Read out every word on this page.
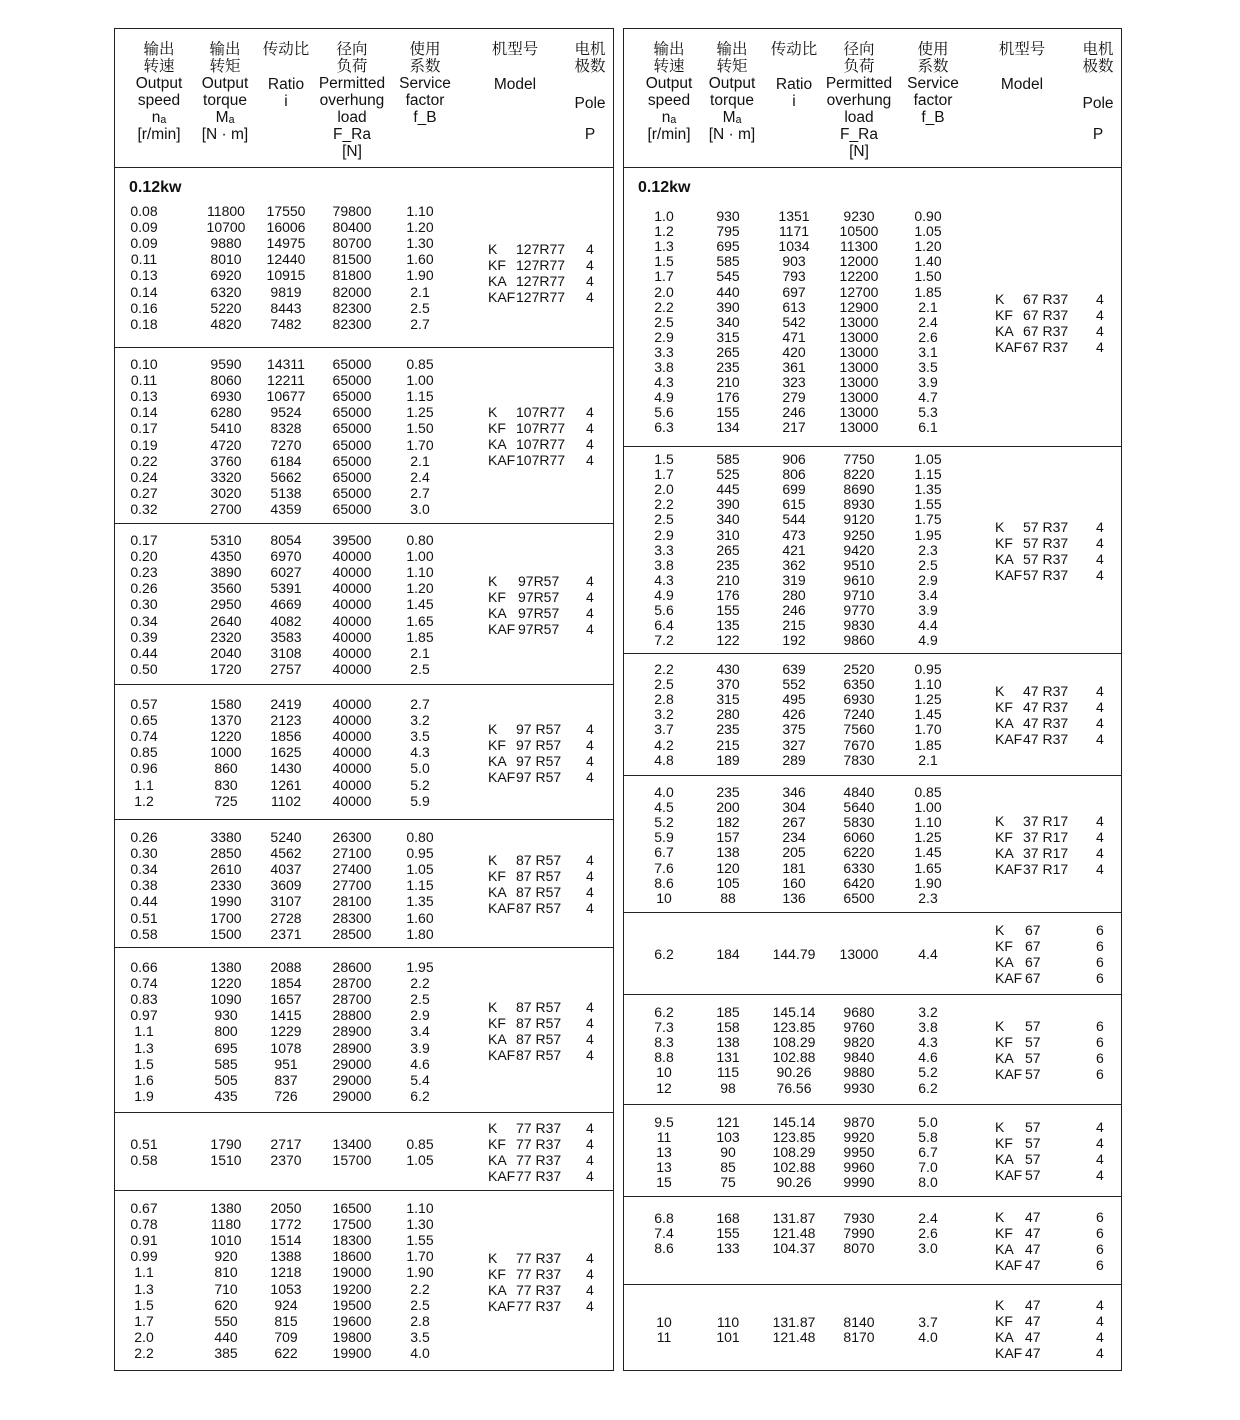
输出
转速
Output
speed
nₐ
[r/min]
输出
转矩
Output
torque
Mₐ
[N · m]
传动比
Ratio
i
径向
负荷
Permitted
overhung
load
F_Ra
[N]
使用
系数
Service
factor
f_B
机型号
Model
电机
极数
Pole
P
0.12kw
0.08	11800	17550	79800	1.10
0.09	10700	16006	80400	1.20
0.09	9880	14975	80700	1.30
0.11	8010	12440	81500	1.60
0.13	6920	10915	81800	1.90
0.14	6320	9819	82000	2.1
0.16	5220	8443	82300	2.5
0.18	4820	7482	82300	2.7
K 127R77 4
KF 127R77 4
KA 127R77 4
KAF 127R77 4
0.10	9590	14311	65000	0.85
0.11	8060	12211	65000	1.00
0.13	6930	10677	65000	1.15
0.14	6280	9524	65000	1.25
0.17	5410	8328	65000	1.50
0.19	4720	7270	65000	1.70
0.22	3760	6184	65000	2.1
0.24	3320	5662	65000	2.4
0.27	3020	5138	65000	2.7
0.32	2700	4359	65000	3.0
K 107R77 4
KF 107R77 4
KA 107R77 4
KAF 107R77 4
0.17	5310	8054	39500	0.80
0.20	4350	6970	40000	1.00
0.23	3890	6027	40000	1.10
0.26	3560	5391	40000	1.20
0.30	2950	4669	40000	1.45
0.34	2640	4082	40000	1.65
0.39	2320	3583	40000	1.85
0.44	2040	3108	40000	2.1
0.50	1720	2757	40000	2.5
K 97R57 4
KF 97R57 4
KA 97R57 4
KAF 97R57 4
0.57	1580	2419	40000	2.7
0.65	1370	2123	40000	3.2
0.74	1220	1856	40000	3.5
0.85	1000	1625	40000	4.3
0.96	860	1430	40000	5.0
1.1	830	1261	40000	5.2
1.2	725	1102	40000	5.9
K 97 R57 4
KF 97 R57 4
KA 97 R57 4
KAF 97 R57 4
0.26	3380	5240	26300	0.80
0.30	2850	4562	27100	0.95
0.34	2610	4037	27400	1.05
0.38	2330	3609	27700	1.15
0.44	1990	3107	28100	1.35
0.51	1700	2728	28300	1.60
0.58	1500	2371	28500	1.80
K 87 R57 4
KF 87 R57 4
KA 87 R57 4
KAF 87 R57 4
0.66	1380	2088	28600	1.95
0.74	1220	1854	28700	2.2
0.83	1090	1657	28700	2.5
0.97	930	1415	28800	2.9
1.1	800	1229	28900	3.4
1.3	695	1078	28900	3.9
1.5	585	951	29000	4.6
1.6	505	837	29000	5.4
1.9	435	726	29000	6.2
K 87 R57 4
KF 87 R57 4
KA 87 R57 4
KAF 87 R57 4
0.51	1790	2717	13400	0.85
0.58	1510	2370	15700	1.05
K 77 R37 4
KF 77 R37 4
KA 77 R37 4
KAF 77 R37 4
0.67	1380	2050	16500	1.10
0.78	1180	1772	17500	1.30
0.91	1010	1514	18300	1.55
0.99	920	1388	18600	1.70
1.1	810	1218	19000	1.90
1.3	710	1053	19200	2.2
1.5	620	924	19500	2.5
1.7	550	815	19600	2.8
2.0	440	709	19800	3.5
2.2	385	622	19900	4.0
K 77 R37 4
KF 77 R37 4
KA 77 R37 4
KAF 77 R37 4
输出
转速
Output
speed
nₐ
[r/min]
输出
转矩
Output
torque
Mₐ
[N · m]
传动比
Ratio
i
径向
负荷
Permitted
overhung
load
F_Ra
[N]
使用
系数
Service
factor
f_B
机型号
Model
电机
极数
Pole
P
0.12kw
1.0	930	1351	9230	0.90
1.2	795	1171	10500	1.05
1.3	695	1034	11300	1.20
1.5	585	903	12000	1.40
1.7	545	793	12200	1.50
2.0	440	697	12700	1.85
2.2	390	613	12900	2.1
2.5	340	542	13000	2.4
2.9	315	471	13000	2.6
3.3	265	420	13000	3.1
3.8	235	361	13000	3.5
4.3	210	323	13000	3.9
4.9	176	279	13000	4.7
5.6	155	246	13000	5.3
6.3	134	217	13000	6.1
K 67 R37 4
KF 67 R37 4
KA 67 R37 4
KAF 67 R37 4
1.5	585	906	7750	1.05
1.7	525	806	8220	1.15
2.0	445	699	8690	1.35
2.2	390	615	8930	1.55
2.5	340	544	9120	1.75
2.9	310	473	9250	1.95
3.3	265	421	9420	2.3
3.8	235	362	9510	2.5
4.3	210	319	9610	2.9
4.9	176	280	9710	3.4
5.6	155	246	9770	3.9
6.4	135	215	9830	4.4
7.2	122	192	9860	4.9
K 57 R37 4
KF 57 R37 4
KA 57 R37 4
KAF 57 R37 4
2.2	430	639	2520	0.95
2.5	370	552	6350	1.10
2.8	315	495	6930	1.25
3.2	280	426	7240	1.45
3.7	235	375	7560	1.70
4.2	215	327	7670	1.85
4.8	189	289	7830	2.1
K 47 R37 4
KF 47 R37 4
KA 47 R37 4
KAF 47 R37 4
4.0	235	346	4840	0.85
4.5	200	304	5640	1.00
5.2	182	267	5830	1.10
5.9	157	234	6060	1.25
6.7	138	205	6220	1.45
7.6	120	181	6330	1.65
8.6	105	160	6420	1.90
10	88	136	6500	2.3
K 37 R17 4
KF 37 R17 4
KA 37 R17 4
KAF 37 R17 4
6.2	184	144.79	13000	4.4
K 67	6
KF 67	6
KA 67	6
KAF 67	6
6.2	185	145.14	9680	3.2
7.3	158	123.85	9760	3.8
8.3	138	108.29	9820	4.3
8.8	131	102.88	9840	4.6
10	115	90.26	9880	5.2
12	98	76.56	9930	6.2
K 57	6
KF 57	6
KA 57	6
KAF 57	6
9.5	121	145.14	9870	5.0
11	103	123.85	9920	5.8
13	90	108.29	9950	6.7
13	85	102.88	9960	7.0
15	75	90.26	9990	8.0
K 57	4
KF 57	4
KA 57	4
KAF 57	4
6.8	168	131.87	7930	2.4
7.4	155	121.48	7990	2.6
8.6	133	104.37	8070	3.0
K 47	6
KF 47	6
KA 47	6
KAF 47	6
10	110	131.87	8140	3.7
11	101	121.48	8170	4.0
K 47	4
KF 47	4
KA 47	4
KAF 47	4
